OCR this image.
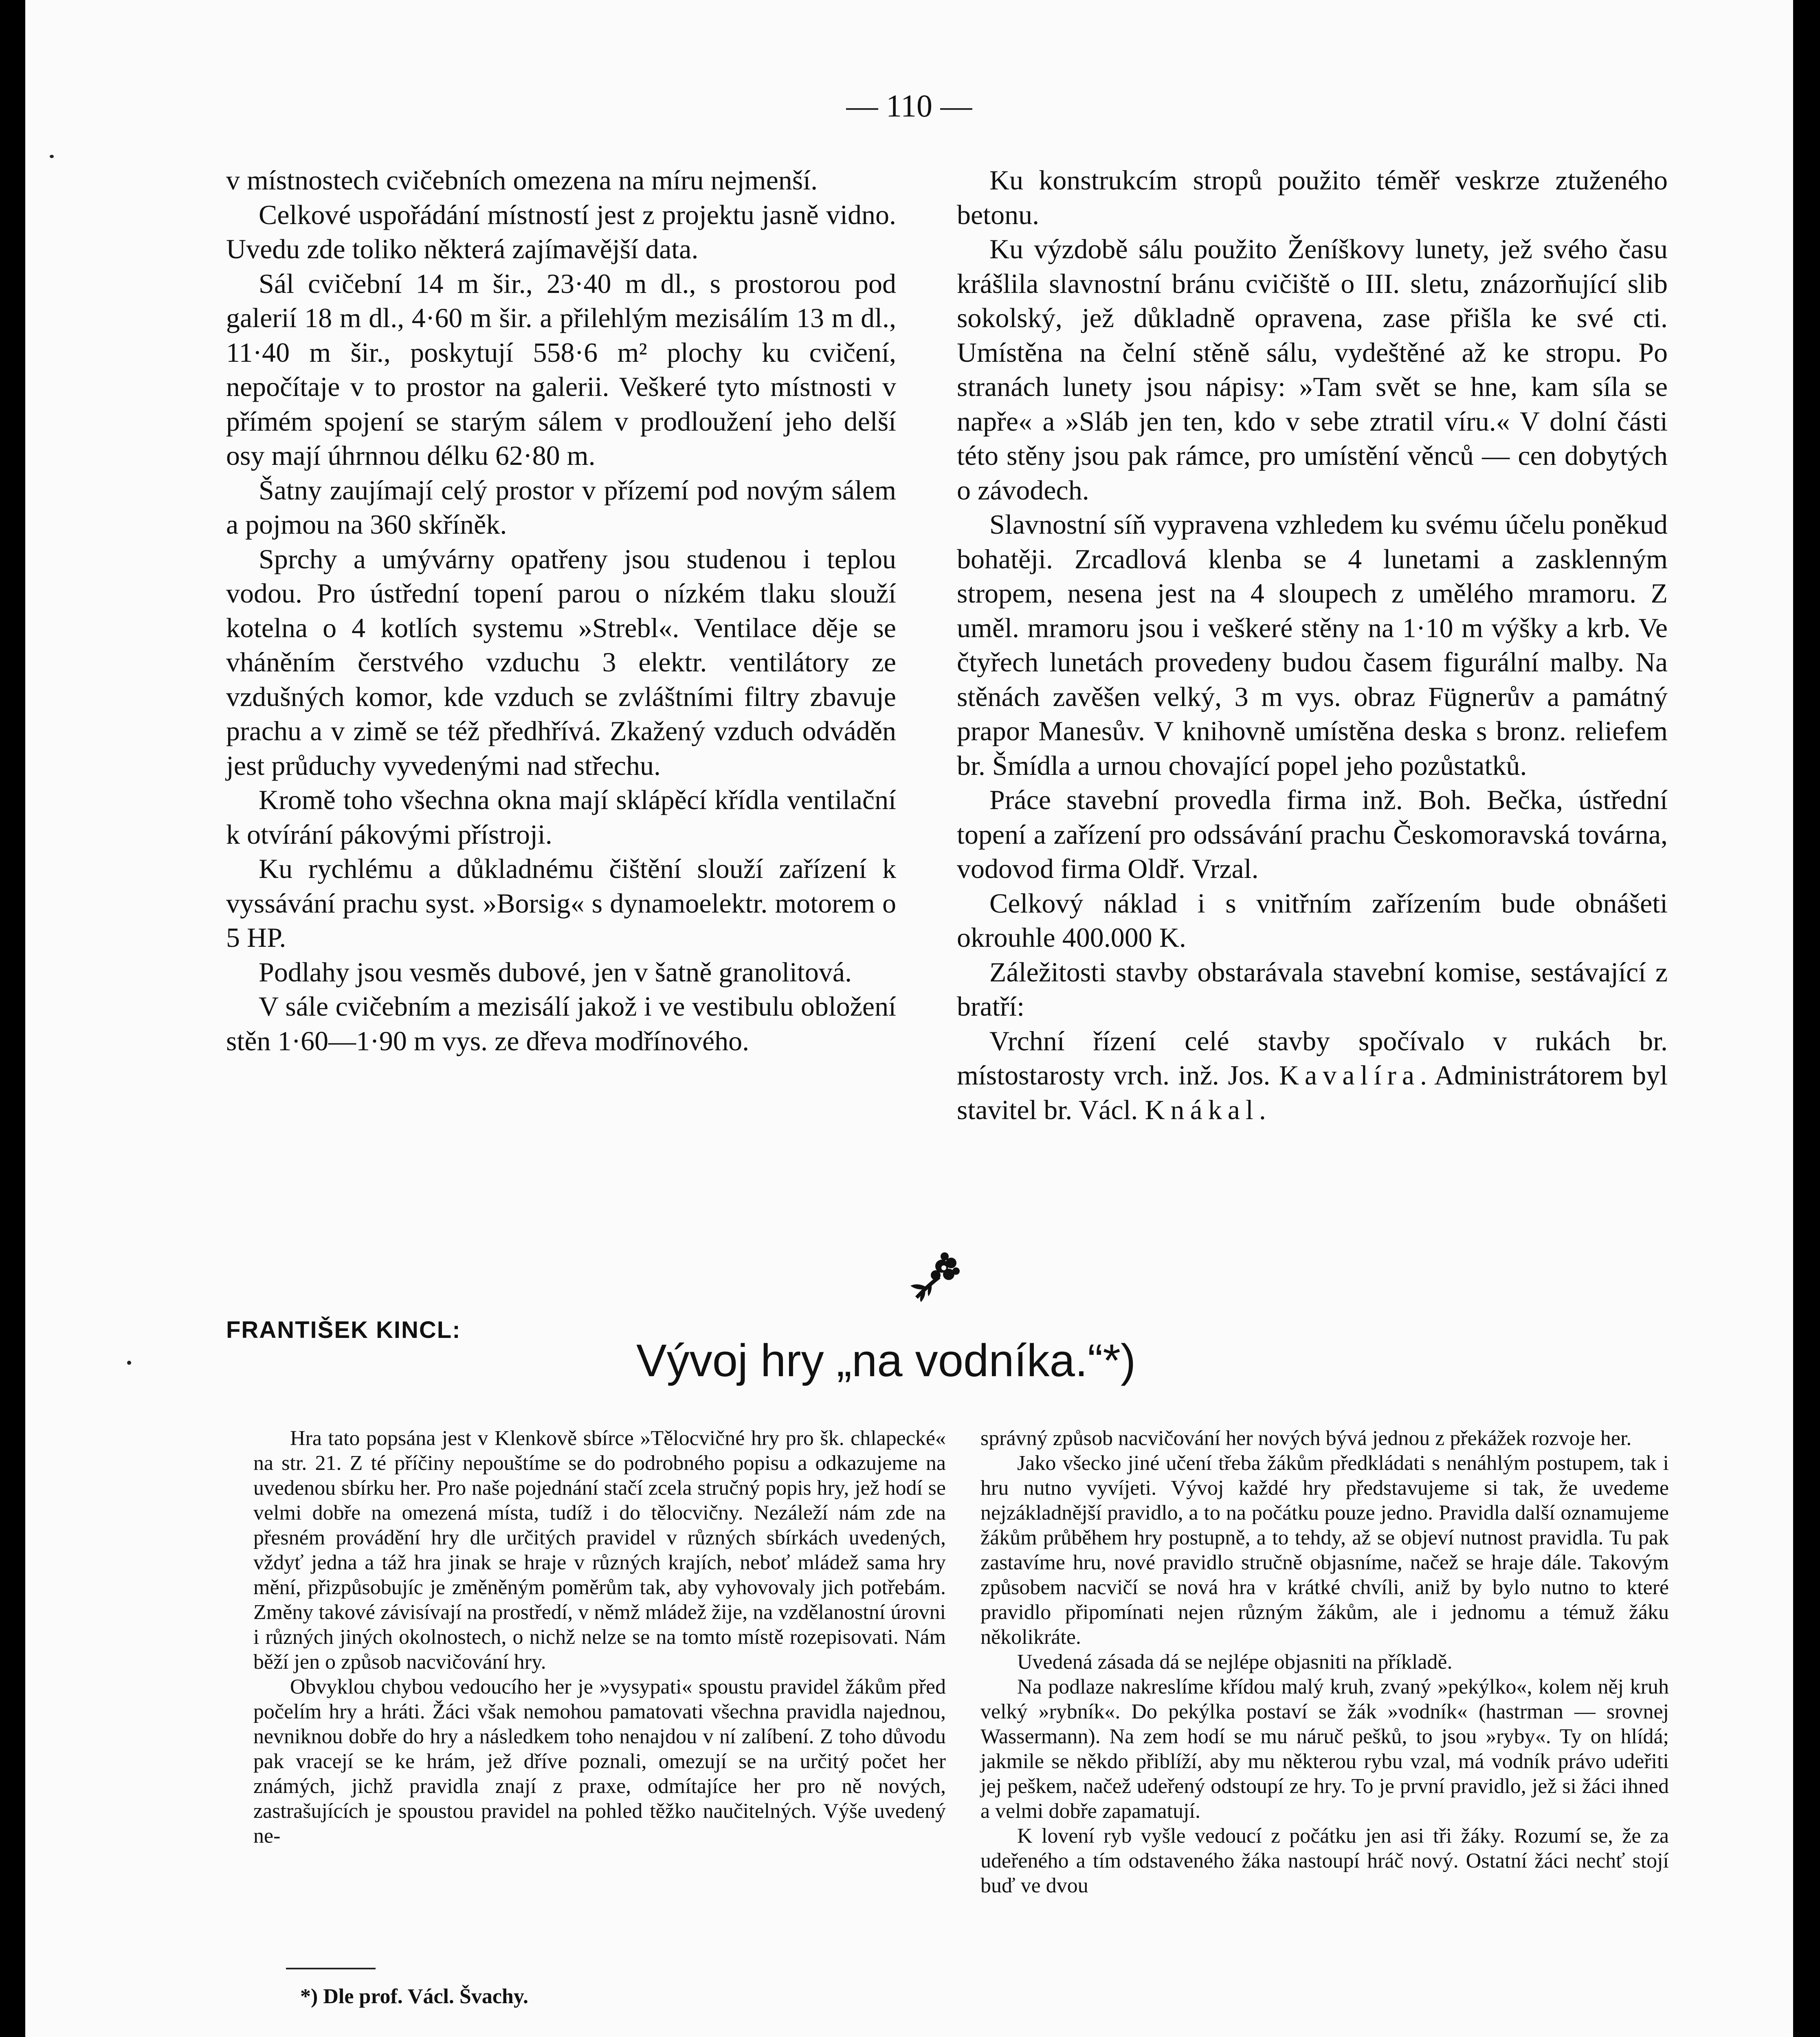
— 110 —

v místnostech cvičebních omezena na míru nejmenší.

Celkové uspořádání místností jest z projektu jasně vidno. Uvedu zde toliko některá zajímavější data.

Sál cvičební 14 m šir., 23·40 m dl., s prostorou pod galerií 18 m dl., 4·60 m šir. a přilehlým mezisálím 13 m dl., 11·40 m šir., poskytují 558·6 m² plochy ku cvičení, nepočítaje v to prostor na galerii. Veškeré tyto místnosti v přímém spojení se starým sálem v prodloužení jeho delší osy mají úhrnnou délku 62·80 m.

Šatny zaujímají celý prostor v přízemí pod novým sálem a pojmou na 360 skříněk.

Sprchy a umývárny opatřeny jsou studenou i teplou vodou. Pro ústřední topení parou o nízkém tlaku slouží kotelna o 4 kotlích systemu »Strebl«. Ventilace děje se vháněním čerstvého vzduchu 3 elektr. ventilátory ze vzdušných komor, kde vzduch se zvláštními filtry zbavuje prachu a v zimě se též předhřívá. Zkažený vzduch odváděn jest průduchy vyvedenými nad střechu.

Kromě toho všechna okna mají sklápěcí křídla ventilační k otvírání pákovými přístroji.

Ku rychlému a důkladnému čištění slouží zařízení k vyssávání prachu syst. »Borsig« s dynamoelektr. motorem o 5 HP.

Podlahy jsou vesměs dubové, jen v šatně granolitová.

V sále cvičebním a mezisálí jakož i ve vestibulu obložení stěn 1·60—1·90 m vys. ze dřeva modřínového.

Ku konstrukcím stropů použito téměř veskrze ztuženého betonu.

Ku výzdobě sálu použito Ženíškovy lunety, jež svého času krášlila slavnostní bránu cvičiště o III. sletu, znázorňující slib sokolský, jež důkladně opravena, zase přišla ke své cti. Umístěna na čelní stěně sálu, vydeštěné až ke stropu. Po stranách lunety jsou nápisy: »Tam svět se hne, kam síla se napře« a »Sláb jen ten, kdo v sebe ztratil víru.« V dolní části této stěny jsou pak rámce, pro umístění věnců — cen dobytých o závodech.

Slavnostní síň vypravena vzhledem ku svému účelu poněkud bohatěji. Zrcadlová klenba se 4 lunetami a zasklenným stropem, nesena jest na 4 sloupech z umělého mramoru. Z uměl. mramoru jsou i veškeré stěny na 1·10 m výšky a krb. Ve čtyřech lunetách provedeny budou časem figurální malby. Na stěnách zavěšen velký, 3 m vys. obraz Fügnerův a památný prapor Manesův. V knihovně umístěna deska s bronz. reliefem br. Šmídla a urnou chovající popel jeho pozůstatků.

Práce stavební provedla firma inž. Boh. Bečka, ústřední topení a zařízení pro odssávání prachu Českomoravská továrna, vodovod firma Oldř. Vrzal.

Celkový náklad i s vnitřním zařízením bude obnášeti okrouhle 400.000 K.

Záležitosti stavby obstarávala stavební komise, sestávající z bratří:

Vrchní řízení celé stavby spočívalo v rukách br. místostarosty vrch. inž. Jos. Kavalíra. Administrátorem byl stavitel br. Václ. Knákal.

FRANTIŠEK KINCL:
Vývoj hry „na vodníka.“*)

Hra tato popsána jest v Klenkově sbírce »Tělocvičné hry pro šk. chlapecké« na str. 21. Z té příčiny nepouštíme se do podrobného popisu a odkazujeme na uvedenou sbírku her. Pro naše pojednání stačí zcela stručný popis hry, jež hodí se velmi dobře na omezená místa, tudíž i do tělocvičny. Nezáleží nám zde na přesném provádění hry dle určitých pravidel v různých sbírkách uvedených, vždyť jedna a táž hra jinak se hraje v různých krajích, neboť mládež sama hry mění, přizpůsobujíc je změněným poměrům tak, aby vyhovovaly jich potřebám. Změny takové závisívají na prostředí, v němž mládež žije, na vzdělanostní úrovni i různých jiných okolnostech, o nichž nelze se na tomto místě rozepisovati. Nám běží jen o způsob nacvičování hry.

Obvyklou chybou vedoucího her je »vysypati« spoustu pravidel žákům před počelím hry a hráti. Žáci však nemohou pamatovati všechna pravidla najednou, nevniknou dobře do hry a následkem toho nenajdou v ní zalíbení. Z toho důvodu pak vracejí se ke hrám, jež dříve poznali, omezují se na určitý počet her známých, jichž pravidla znají z praxe, odmítajíce her pro ně nových, zastrašujících je spoustou pravidel na pohled těžko naučitelných. Výše uvedený ne-

správný způsob nacvičování her nových bývá jednou z překážek rozvoje her.

Jako všecko jiné učení třeba žákům předkládati s nenáhlým postupem, tak i hru nutno vyvíjeti. Vývoj každé hry představujeme si tak, že uvedeme nejzákladnější pravidlo, a to na počátku pouze jedno. Pravidla další oznamujeme žákům průběhem hry postupně, a to tehdy, až se objeví nutnost pravidla. Tu pak zastavíme hru, nové pravidlo stručně objasníme, načež se hraje dále. Takovým způsobem nacvičí se nová hra v krátké chvíli, aniž by bylo nutno to které pravidlo připomínati nejen různým žákům, ale i jednomu a témuž žáku několikráte.

Uvedená zásada dá se nejlépe objasniti na příkladě.

Na podlaze nakreslíme křídou malý kruh, zvaný »pekýlko«, kolem něj kruh velký »rybník«. Do pekýlka postaví se žák »vodník« (hastrman — srovnej Wassermann). Na zem hodí se mu náruč pešků, to jsou »ryby«. Ty on hlídá; jakmile se někdo přiblíží, aby mu některou rybu vzal, má vodník právo udeřiti jej peškem, načež udeřený odstoupí ze hry. To je první pravidlo, jež si žáci ihned a velmi dobře zapamatují.

K lovení ryb vyšle vedoucí z počátku jen asi tři žáky. Rozumí se, že za udeřeného a tím odstaveného žáka nastoupí hráč nový. Ostatní žáci nechť stojí buď ve dvou

*) Dle prof. Václ. Švachy.
